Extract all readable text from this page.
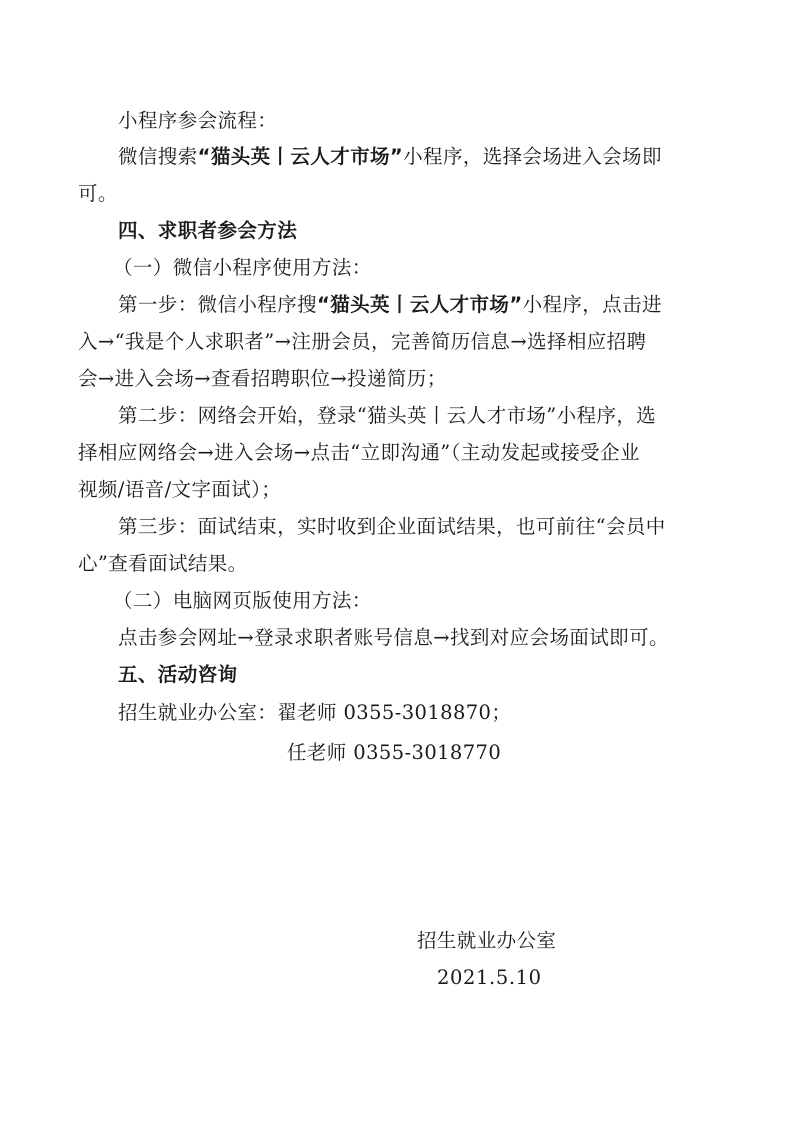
小程序参会流程：
微信搜索“猫头英丨云人才市场”小程序，选择会场进入会场即
可。
四、求职者参会方法
（一）微信小程序使用方法：
第一步：微信小程序搜“猫头英丨云人才市场”小程序，点击进
入→“我是个人求职者”→注册会员，完善简历信息→选择相应招聘
会→进入会场→查看招聘职位→投递简历；
第二步：网络会开始，登录“猫头英丨云人才市场”小程序，选
择相应网络会→进入会场→点击“立即沟通”（主动发起或接受企业
视频/语音/文字面试）；
第三步：面试结束，实时收到企业面试结果，也可前往“会员中
心”查看面试结果。
（二）电脑网页版使用方法：
点击参会网址→登录求职者账号信息→找到对应会场面试即可。
五、活动咨询
招生就业办公室：翟老师 0355-3018870；
任老师 0355-3018770
招生就业办公室
2021.5.10
